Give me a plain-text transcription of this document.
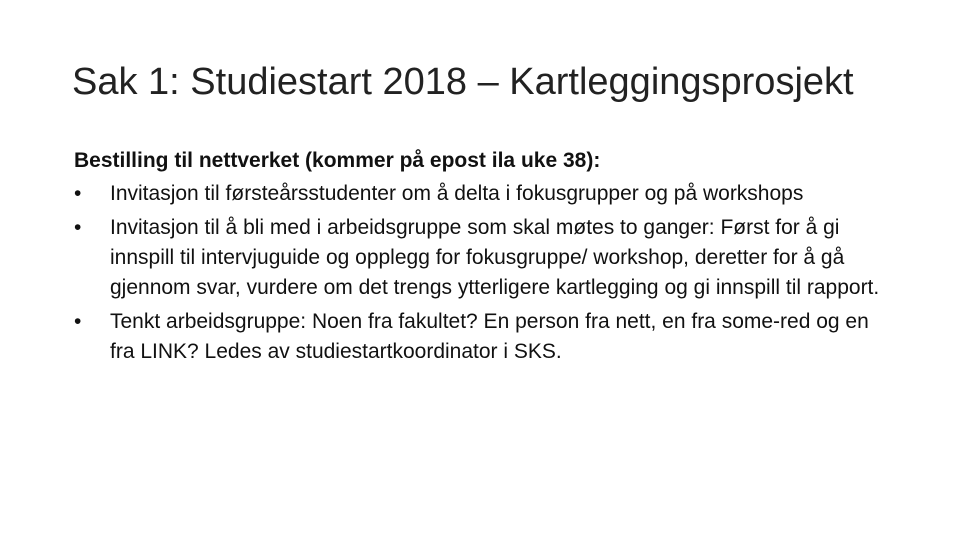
Sak 1: Studiestart 2018 – Kartleggingsprosjekt
Bestilling til nettverket (kommer på epost ila uke 38):
•	Invitasjon til førsteårsstudenter om å delta i fokusgrupper og på workshops
•	Invitasjon til å bli med i arbeidsgruppe som skal møtes to ganger: Først for å gi innspill til intervjuguide og opplegg for fokusgruppe/ workshop, deretter for å gå gjennom svar, vurdere om det trengs ytterligere kartlegging og gi innspill til rapport.
•	Tenkt arbeidsgruppe: Noen fra fakultet? En person fra nett, en fra some-red og en fra LINK? Ledes av studiestartkoordinator i SKS.
